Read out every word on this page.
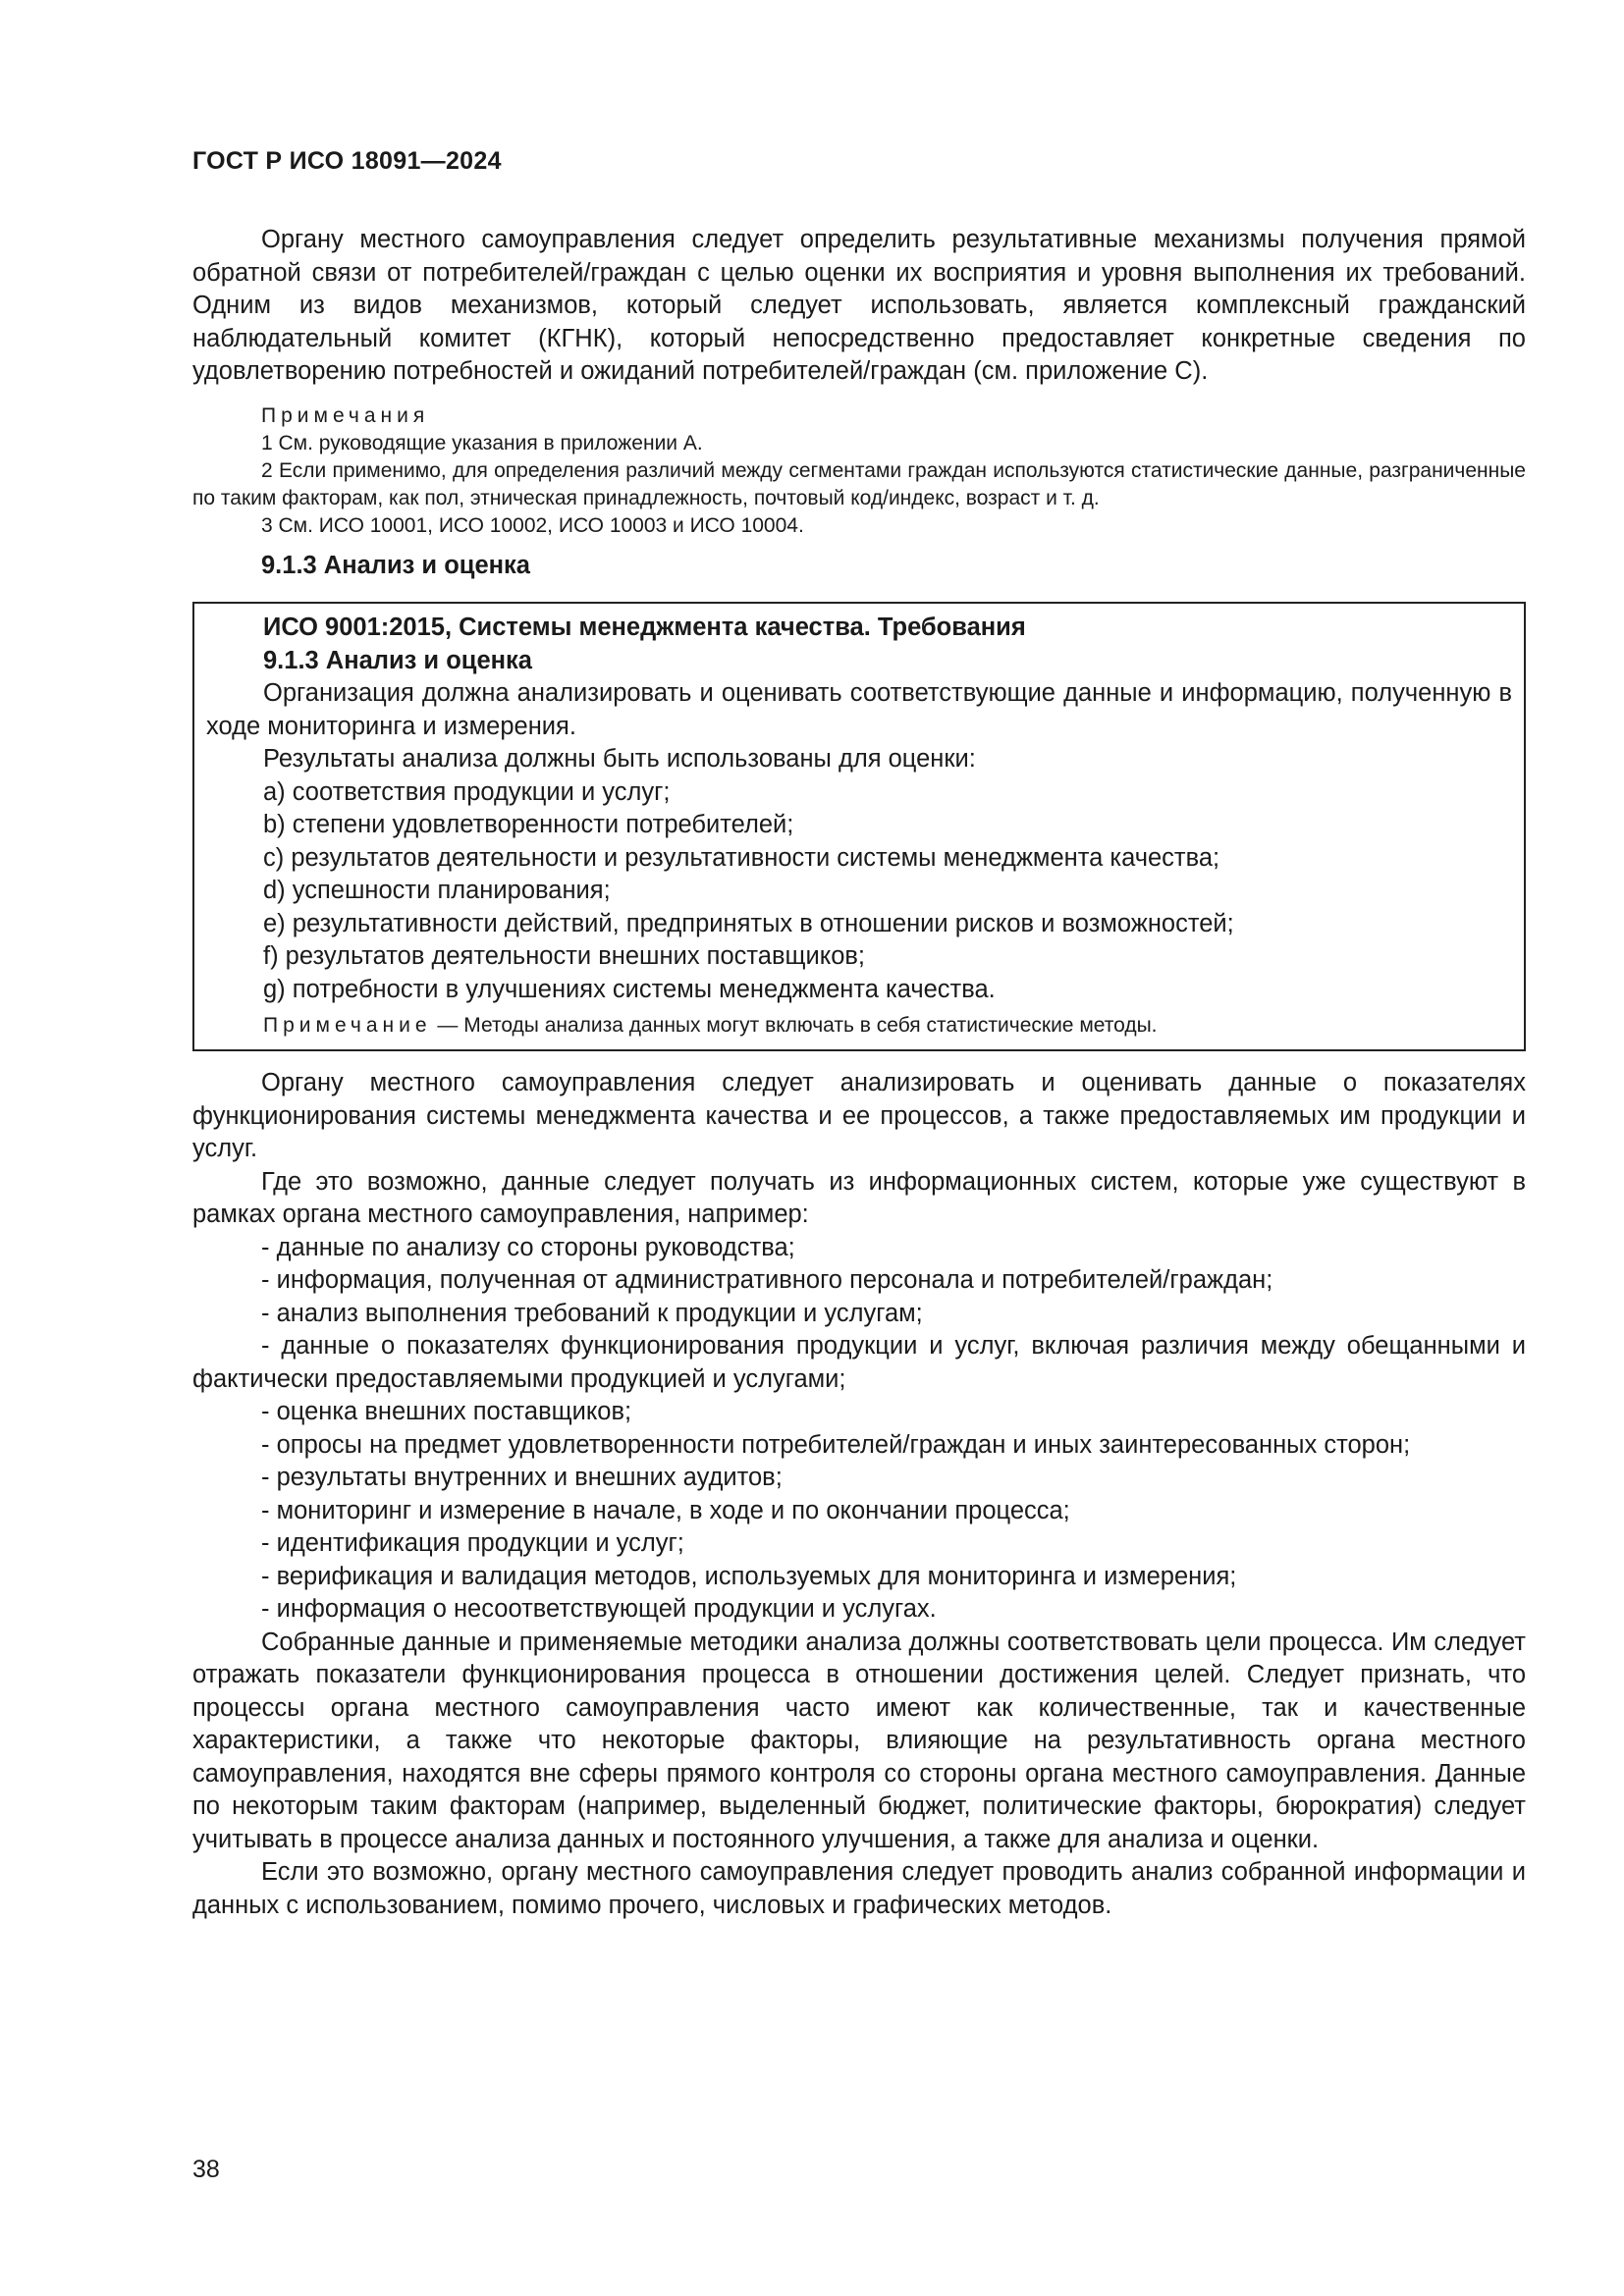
ГОСТ Р ИСО 18091—2024

Органу местного самоуправления следует определить результативные механизмы получения прямой обратной связи от потребителей/граждан с целью оценки их восприятия и уровня выполнения их требований. Одним из видов механизмов, который следует использовать, является комплексный гражданский наблюдательный комитет (КГНК), который непосредственно предоставляет конкретные сведения по удовлетворению потребностей и ожиданий потребителей/граждан (см. приложение С).

Примечания

1 См. руководящие указания в приложении А.

2 Если применимо, для определения различий между сегментами граждан используются статистические данные, разграниченные по таким факторам, как пол, этническая принадлежность, почтовый код/индекс, возраст и т. д.

3 См. ИСО 10001, ИСО 10002, ИСО 10003 и ИСО 10004.

9.1.3 Анализ и оценка

ИСО 9001:2015, Системы менеджмента качества. Требования

9.1.3 Анализ и оценка

Организация должна анализировать и оценивать соответствующие данные и информацию, полученную в ходе мониторинга и измерения.

Результаты анализа должны быть использованы для оценки:

a) соответствия продукции и услуг;

b) степени удовлетворенности потребителей;

c) результатов деятельности и результативности системы менеджмента качества;

d) успешности планирования;

e) результативности действий, предпринятых в отношении рисков и возможностей;

f) результатов деятельности внешних поставщиков;

g) потребности в улучшениях системы менеджмента качества.

Примечание — Методы анализа данных могут включать в себя статистические методы.

Органу местного самоуправления следует анализировать и оценивать данные о показателях функционирования системы менеджмента качества и ее процессов, а также предоставляемых им продукции и услуг.

Где это возможно, данные следует получать из информационных систем, которые уже существуют в рамках органа местного самоуправления, например:

- данные по анализу со стороны руководства;

- информация, полученная от административного персонала и потребителей/граждан;

- анализ выполнения требований к продукции и услугам;

- данные о показателях функционирования продукции и услуг, включая различия между обещанными и фактически предоставляемыми продукцией и услугами;

- оценка внешних поставщиков;

- опросы на предмет удовлетворенности потребителей/граждан и иных заинтересованных сторон;

- результаты внутренних и внешних аудитов;

- мониторинг и измерение в начале, в ходе и по окончании процесса;

- идентификация продукции и услуг;

- верификация и валидация методов, используемых для мониторинга и измерения;

- информация о несоответствующей продукции и услугах.

Собранные данные и применяемые методики анализа должны соответствовать цели процесса. Им следует отражать показатели функционирования процесса в отношении достижения целей. Следует признать, что процессы органа местного самоуправления часто имеют как количественные, так и качественные характеристики, а также что некоторые факторы, влияющие на результативность органа местного самоуправления, находятся вне сферы прямого контроля со стороны органа местного самоуправления. Данные по некоторым таким факторам (например, выделенный бюджет, политические факторы, бюрократия) следует учитывать в процессе анализа данных и постоянного улучшения, а также для анализа и оценки.

Если это возможно, органу местного самоуправления следует проводить анализ собранной информации и данных с использованием, помимо прочего, числовых и графических методов.

38
